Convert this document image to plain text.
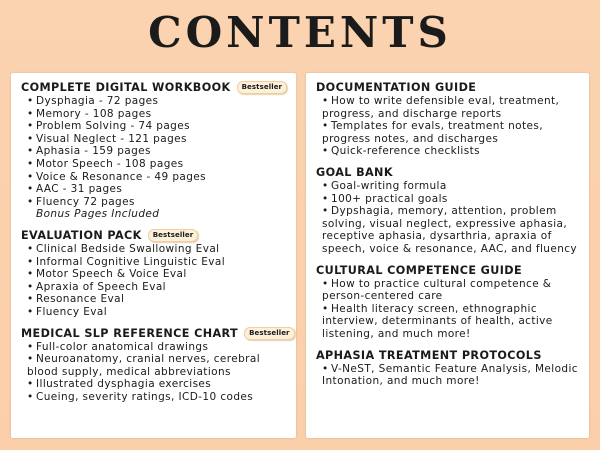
CONTENTS
COMPLETE DIGITAL WORKBOOK	Bestseller
• Dysphagia - 72 pages
• Memory - 108 pages
• Problem Solving - 74 pages
• Visual Neglect - 121 pages
• Aphasia - 159 pages
• Motor Speech - 108 pages
• Voice & Resonance - 49 pages
• AAC - 31 pages
• Fluency 72 pages
Bonus Pages Included
EVALUATION PACK	Bestseller
• Clinical Bedside Swallowing Eval
• Informal Cognitive Linguistic Eval
• Motor Speech & Voice Eval
• Apraxia of Speech Eval
• Resonance Eval
• Fluency Eval
MEDICAL SLP REFERENCE CHART	Bestseller
• Full-color anatomical drawings
• Neuroanatomy, cranial nerves, cerebral blood supply, medical abbreviations
• Illustrated dysphagia exercises
• Cueing, severity ratings, ICD-10 codes
DOCUMENTATION GUIDE
• How to write defensible eval, treatment, progress, and discharge reports
• Templates for evals, treatment notes, progress notes, and discharges
• Quick-reference checklists
GOAL BANK
• Goal-writing formula
• 100+ practical goals
• Dypshagia, memory, attention, problem solving, visual neglect, expressive aphasia, receptive aphasia, dysarthria, apraxia of speech, voice & resonance, AAC, and fluency
CULTURAL COMPETENCE GUIDE
• How to practice cultural competence & person-centered care
• Health literacy screen, ethnographic interview, determinants of health, active listening, and much more!
APHASIA TREATMENT PROTOCOLS
• V-NeST, Semantic Feature Analysis, Melodic Intonation, and much more!
